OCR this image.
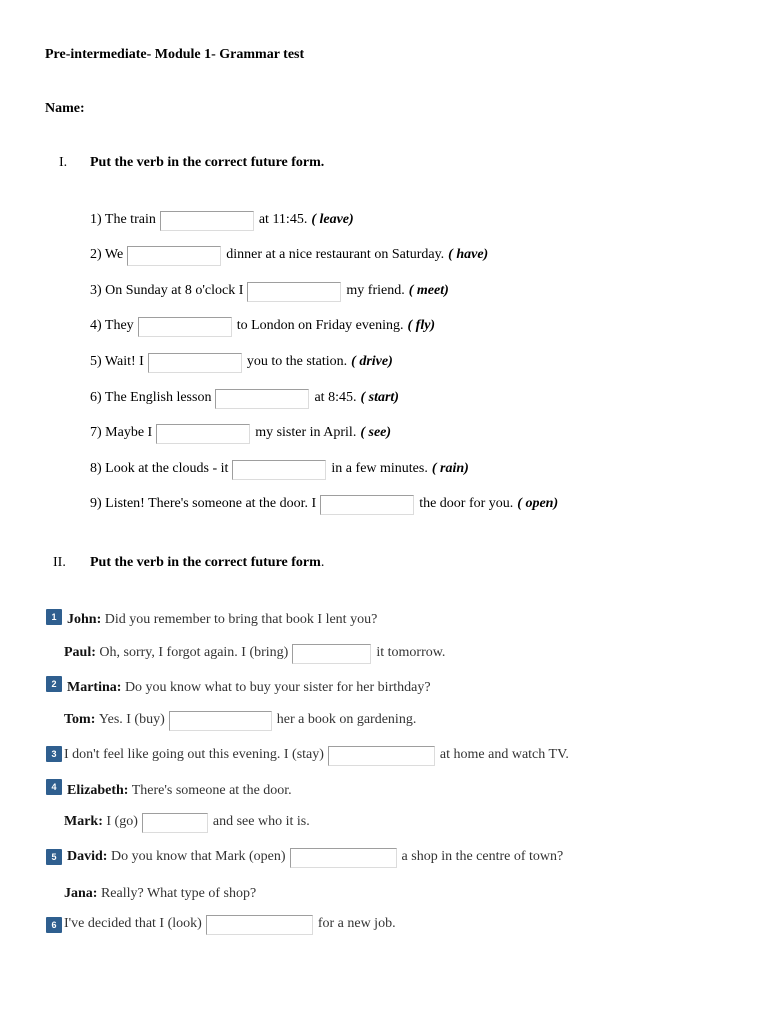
Pre-intermediate- Module 1- Grammar test
Name:
I. Put the verb in the correct future form.
1) The train	at 11:45. ( leave)
2) We	dinner at a nice restaurant on Saturday. ( have)
3) On Sunday at 8 o'clock I	my friend. ( meet)
4) They	to London on Friday evening. ( fly)
5) Wait! I	you to the station. ( drive)
6) The English lesson	at 8:45. ( start)
7) Maybe I	my sister in April. ( see)
8) Look at the clouds - it	in a few minutes. ( rain)
9) Listen! There's someone at the door. I	the door for you. ( open)
II. Put the verb in the correct future form.
1 John: Did you remember to bring that book I lent you?
Paul:
Oh, sorry, I forgot again. I (bring)	it tomorrow.
2 Martina: Do you know what to buy your sister for her birthday?
Tom:
Yes. I (buy)	her a book on gardening.
3 I don't feel like going out this evening. I (stay)	at home and watch TV.
4 Elizabeth: There's someone at the door.
Mark:
I (go)	and see who it is.
5 David:
Do you know that Mark (open)	a shop in the centre of town?
Jana: Really? What type of shop?
6 I've decided that I (look)	for a new job.
